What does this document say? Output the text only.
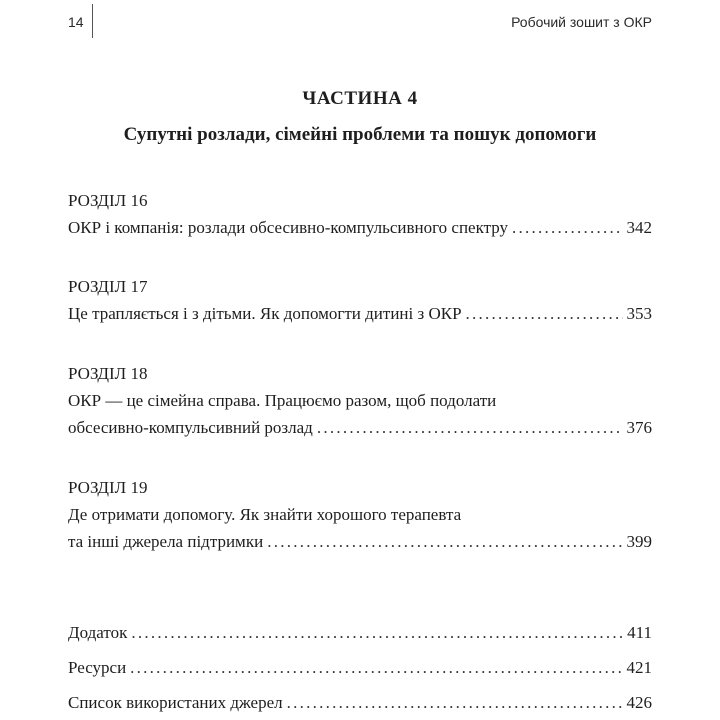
14	Робочий зошит з ОКР
ЧАСТИНА 4
Супутні розлади, сімейні проблеми та пошук допомоги
РОЗДІЛ 16
ОКР і компанія: розлади обсесивно-компульсивного спектру . . .	342
РОЗДІЛ 17
Це трапляється і з дітьми. Як допомогти дитині з ОКР . . .	353
РОЗДІЛ 18
ОКР — це сімейна справа. Працюємо разом, щоб подолати
обсесивно-компульсивний розлад . . .	376
РОЗДІЛ 19
Де отримати допомогу. Як знайти хорошого терапевта
та інші джерела підтримки . . .	399
Додаток . . .	411
Ресурси . . .	421
Список використаних джерел . . .	426
